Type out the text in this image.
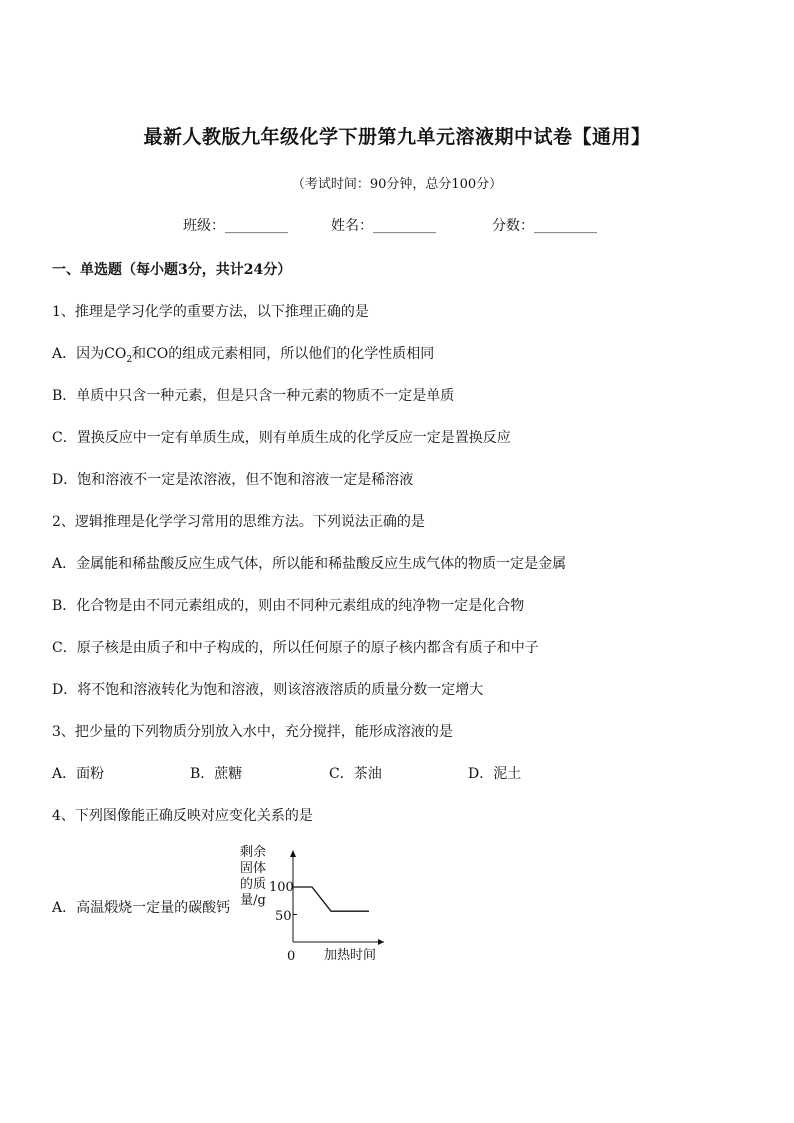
最新人教版九年级化学下册第九单元溶液期中试卷【通用】
（考试时间：90分钟，总分100分）
班级：_________	姓名：_________	分数：_________
一、单选题（每小题3分，共计24分）
1、推理是学习化学的重要方法，以下推理正确的是
A．因为$CO_2$和CO的组成元素相同，所以他们的化学性质相同
B．单质中只含一种元素，但是只含一种元素的物质不一定是单质
C．置换反应中一定有单质生成，则有单质生成的化学反应一定是置换反应
D．饱和溶液不一定是浓溶液，但不饱和溶液一定是稀溶液
2、逻辑推理是化学学习常用的思维方法。下列说法正确的是
A．金属能和稀盐酸反应生成气体，所以能和稀盐酸反应生成气体的物质一定是金属
B．化合物是由不同元素组成的，则由不同种元素组成的纯净物一定是化合物
C．原子核是由质子和中子构成的，所以任何原子的原子核内都含有质子和中子
D．将不饱和溶液转化为饱和溶液，则该溶液溶质的质量分数一定增大
3、把少量的下列物质分别放入水中，充分搅拌，能形成溶液的是
A．面粉	B．蔗糖	C．茶油	D．泥土
4、下列图像能正确反映对应变化关系的是
A．高温煅烧一定量的碳酸钙
剩余固体的质量/g
100
50
0 加热时间
